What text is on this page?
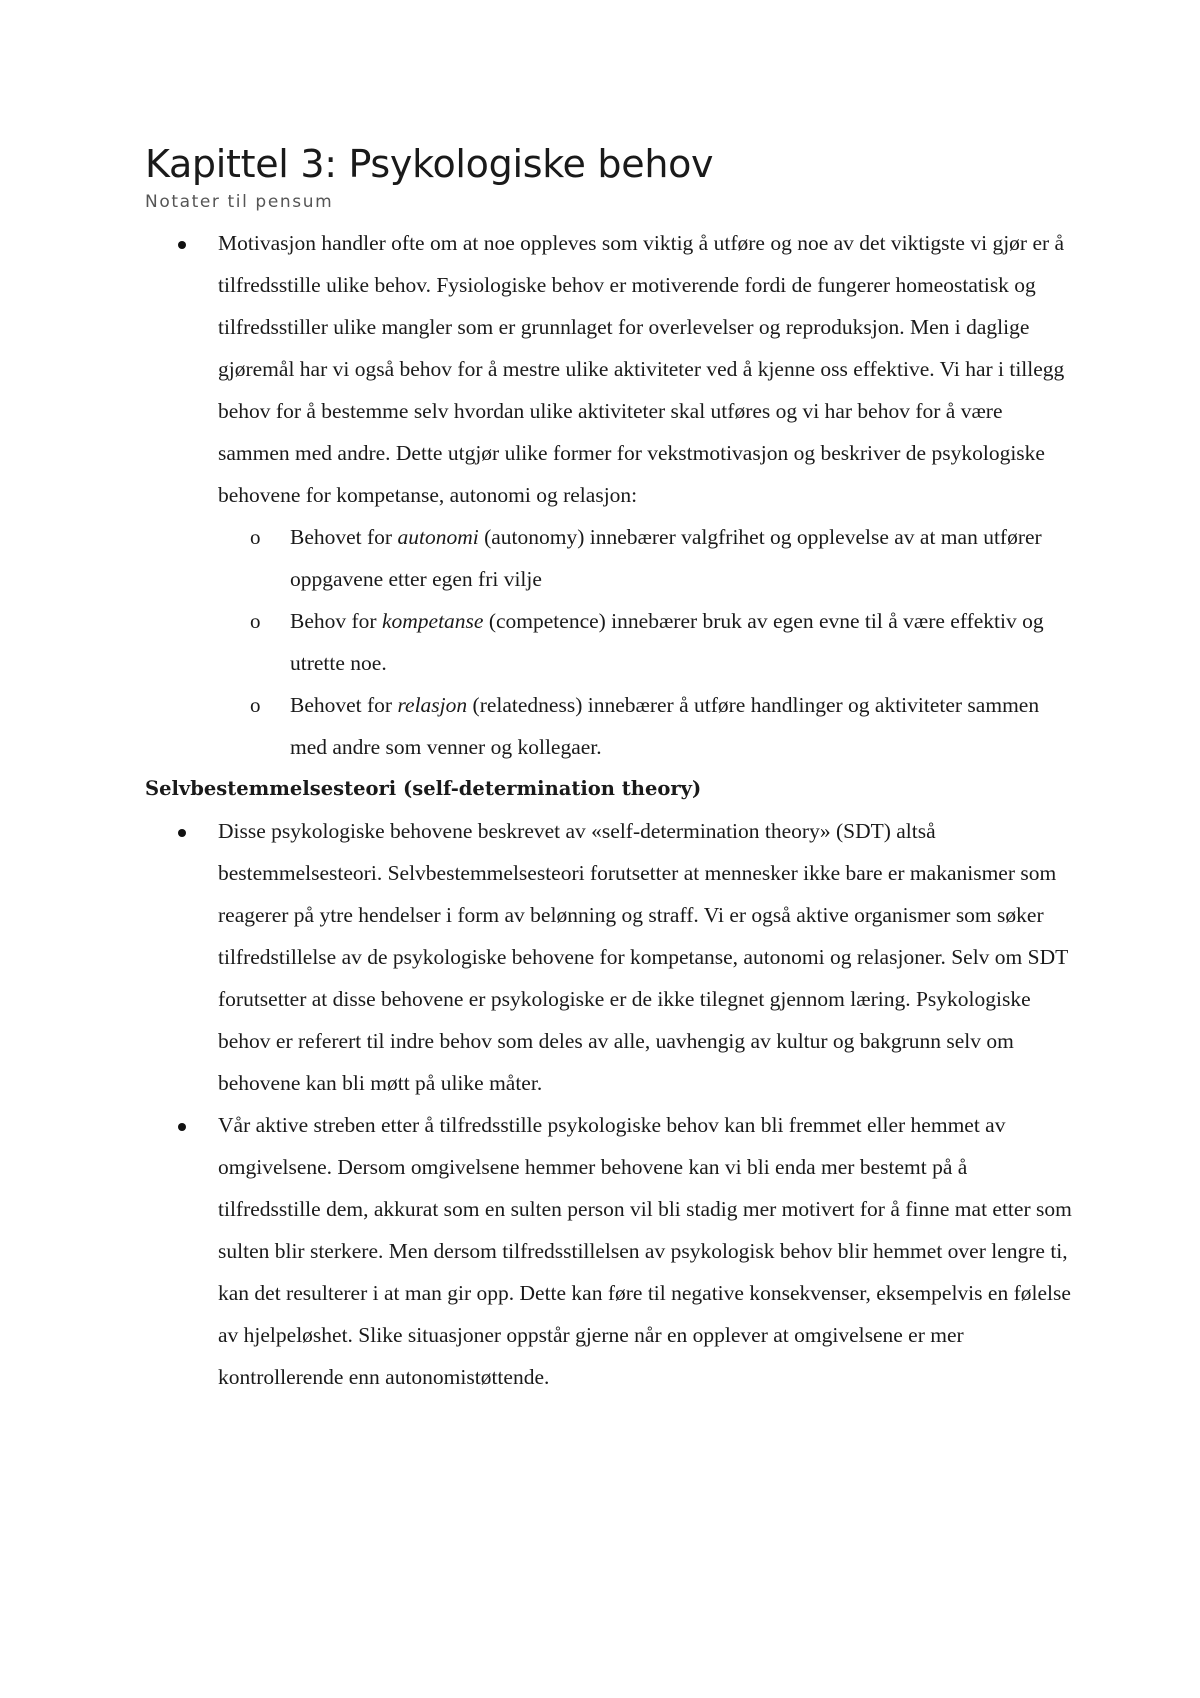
Kapittel 3: Psykologiske behov
Notater til pensum
Motivasjon handler ofte om at noe oppleves som viktig å utføre og noe av det viktigste vi gjør er å tilfredsstille ulike behov. Fysiologiske behov er motiverende fordi de fungerer homeostatisk og tilfredsstiller ulike mangler som er grunnlaget for overlevelser og reproduksjon. Men i daglige gjøremål har vi også behov for å mestre ulike aktiviteter ved å kjenne oss effektive. Vi har i tillegg behov for å bestemme selv hvordan ulike aktiviteter skal utføres og vi har behov for å være sammen med andre. Dette utgjør ulike former for vekstmotivasjon og beskriver de psykologiske behovene for kompetanse, autonomi og relasjon:
o Behovet for autonomi (autonomy) innebærer valgfrihet og opplevelse av at man utfører oppgavene etter egen fri vilje
o Behov for kompetanse (competence) innebærer bruk av egen evne til å være effektiv og utrette noe.
o Behovet for relasjon (relatedness) innebærer å utføre handlinger og aktiviteter sammen med andre som venner og kollegaer.
Selvbestemmelsesteori (self-determination theory)
Disse psykologiske behovene beskrevet av «self-determination theory» (SDT) altså bestemmelsesteori. Selvbestemmelsesteori forutsetter at mennesker ikke bare er makanismer som reagerer på ytre hendelser i form av belønning og straff. Vi er også aktive organismer som søker tilfredstillelse av de psykologiske behovene for kompetanse, autonomi og relasjoner. Selv om SDT forutsetter at disse behovene er psykologiske er de ikke tilegnet gjennom læring. Psykologiske behov er referert til indre behov som deles av alle, uavhengig av kultur og bakgrunn selv om behovene kan bli møtt på ulike måter.
Vår aktive streben etter å tilfredsstille psykologiske behov kan bli fremmet eller hemmet av omgivelsene. Dersom omgivelsene hemmer behovene kan vi bli enda mer bestemt på å tilfredsstille dem, akkurat som en sulten person vil bli stadig mer motivert for å finne mat etter som sulten blir sterkere. Men dersom tilfredsstillelsen av psykologisk behov blir hemmet over lengre ti, kan det resulterer i at man gir opp. Dette kan føre til negative konsekvenser, eksempelvis en følelse av hjelpeløshet. Slike situasjoner oppstår gjerne når en opplever at omgivelsene er mer kontrollerende enn autonomistøttende.
